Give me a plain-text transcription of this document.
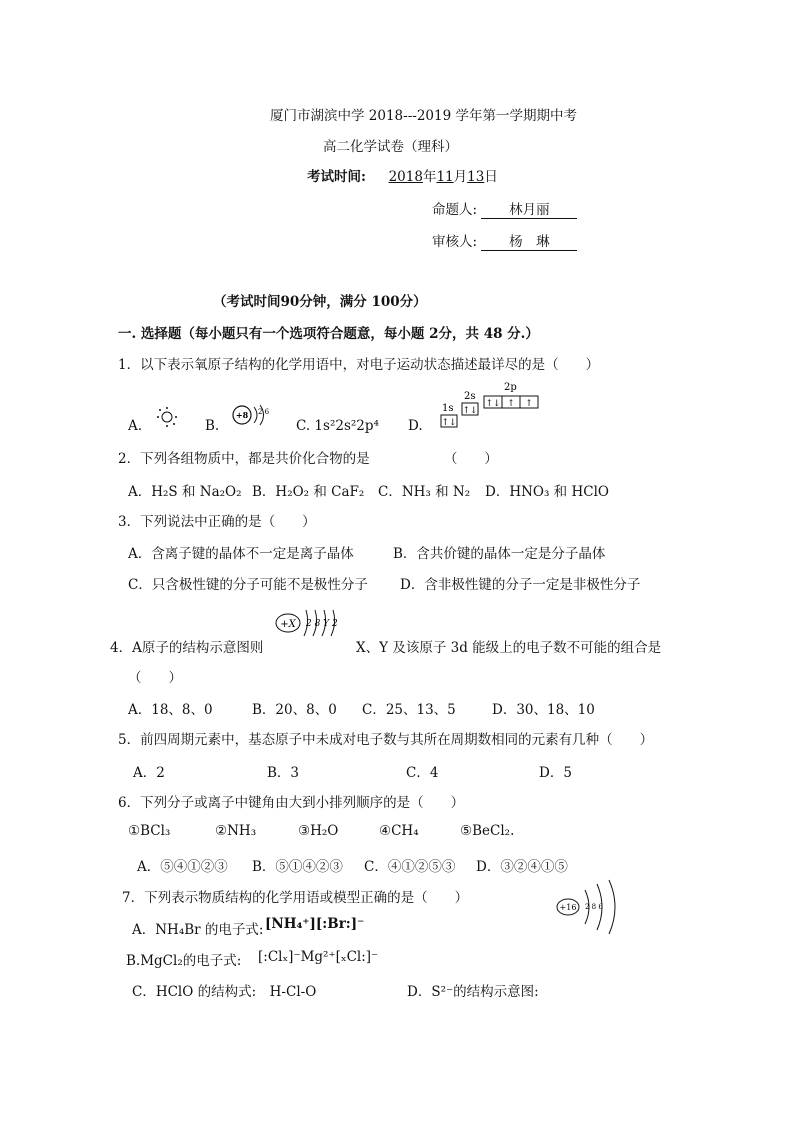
厦门市湖滨中学 2018---2019 学年第一学期期中考
高二化学试卷（理科）
考试时间: 2018年11月13日
命题人: 林月丽
审核人: 杨　琳
（考试时间90分钟，满分 100分）
一. 选择题（每小题只有一个选项符合题意，每小题 2分，共 48 分.）
1．以下表示氧原子结构的化学用语中，对电子运动状态描述最详尽的是（　　）
A.	B.
+8 2 6
C. 1s²2s²2p⁴ D.
1s
↑↓
2s
↑↓
2p
↑↓ ↑ ↑
2．下列各组物质中，都是共价化合物的是　　　　　　（　　）
A．H₂S 和 Na₂O₂ B．H₂O₂ 和 CaF₂ C．NH₃ 和 N₂ D．HNO₃ 和 HClO
3．下列说法中正确的是（　　）
A．含离子键的晶体不一定是离子晶体	B．含共价键的晶体一定是分子晶体
C．只含极性键的分子可能不是极性分子 D．含非极性键的分子一定是非极性分子
4．A原子的结构示意图则
+X 2 8 Y 2
X、Y 及该原子 3d 能级上的电子数不可能的组合是
（　　）
A．18、8、0	B．20、8、0 C．25、13、5	D．30、18、10
5．前四周期元素中，基态原子中未成对电子数与其所在周期数相同的元素有几种（　　）
A．2	B．3	C．4	D．5
6．下列分子或离子中键角由大到小排列顺序的是（　　）
①BCl₃	②NH₃	③H₂O	④CH₄	⑤BeCl₂.
A．⑤④①②③ B．⑤①④②③ C．④①②⑤③ D．③②④①⑤
7．下列表示物质结构的化学用语或模型正确的是（　　）
+16 2 8 6
A．NH₄Br 的电子式: [NH₄⁺][:Br:]⁻
B.MgCl₂的电子式: [:Clₓ]⁻Mg²⁺[ₓCl:]⁻
C．HClO 的结构式:　H-Cl-O	D．S²⁻的结构示意图:
